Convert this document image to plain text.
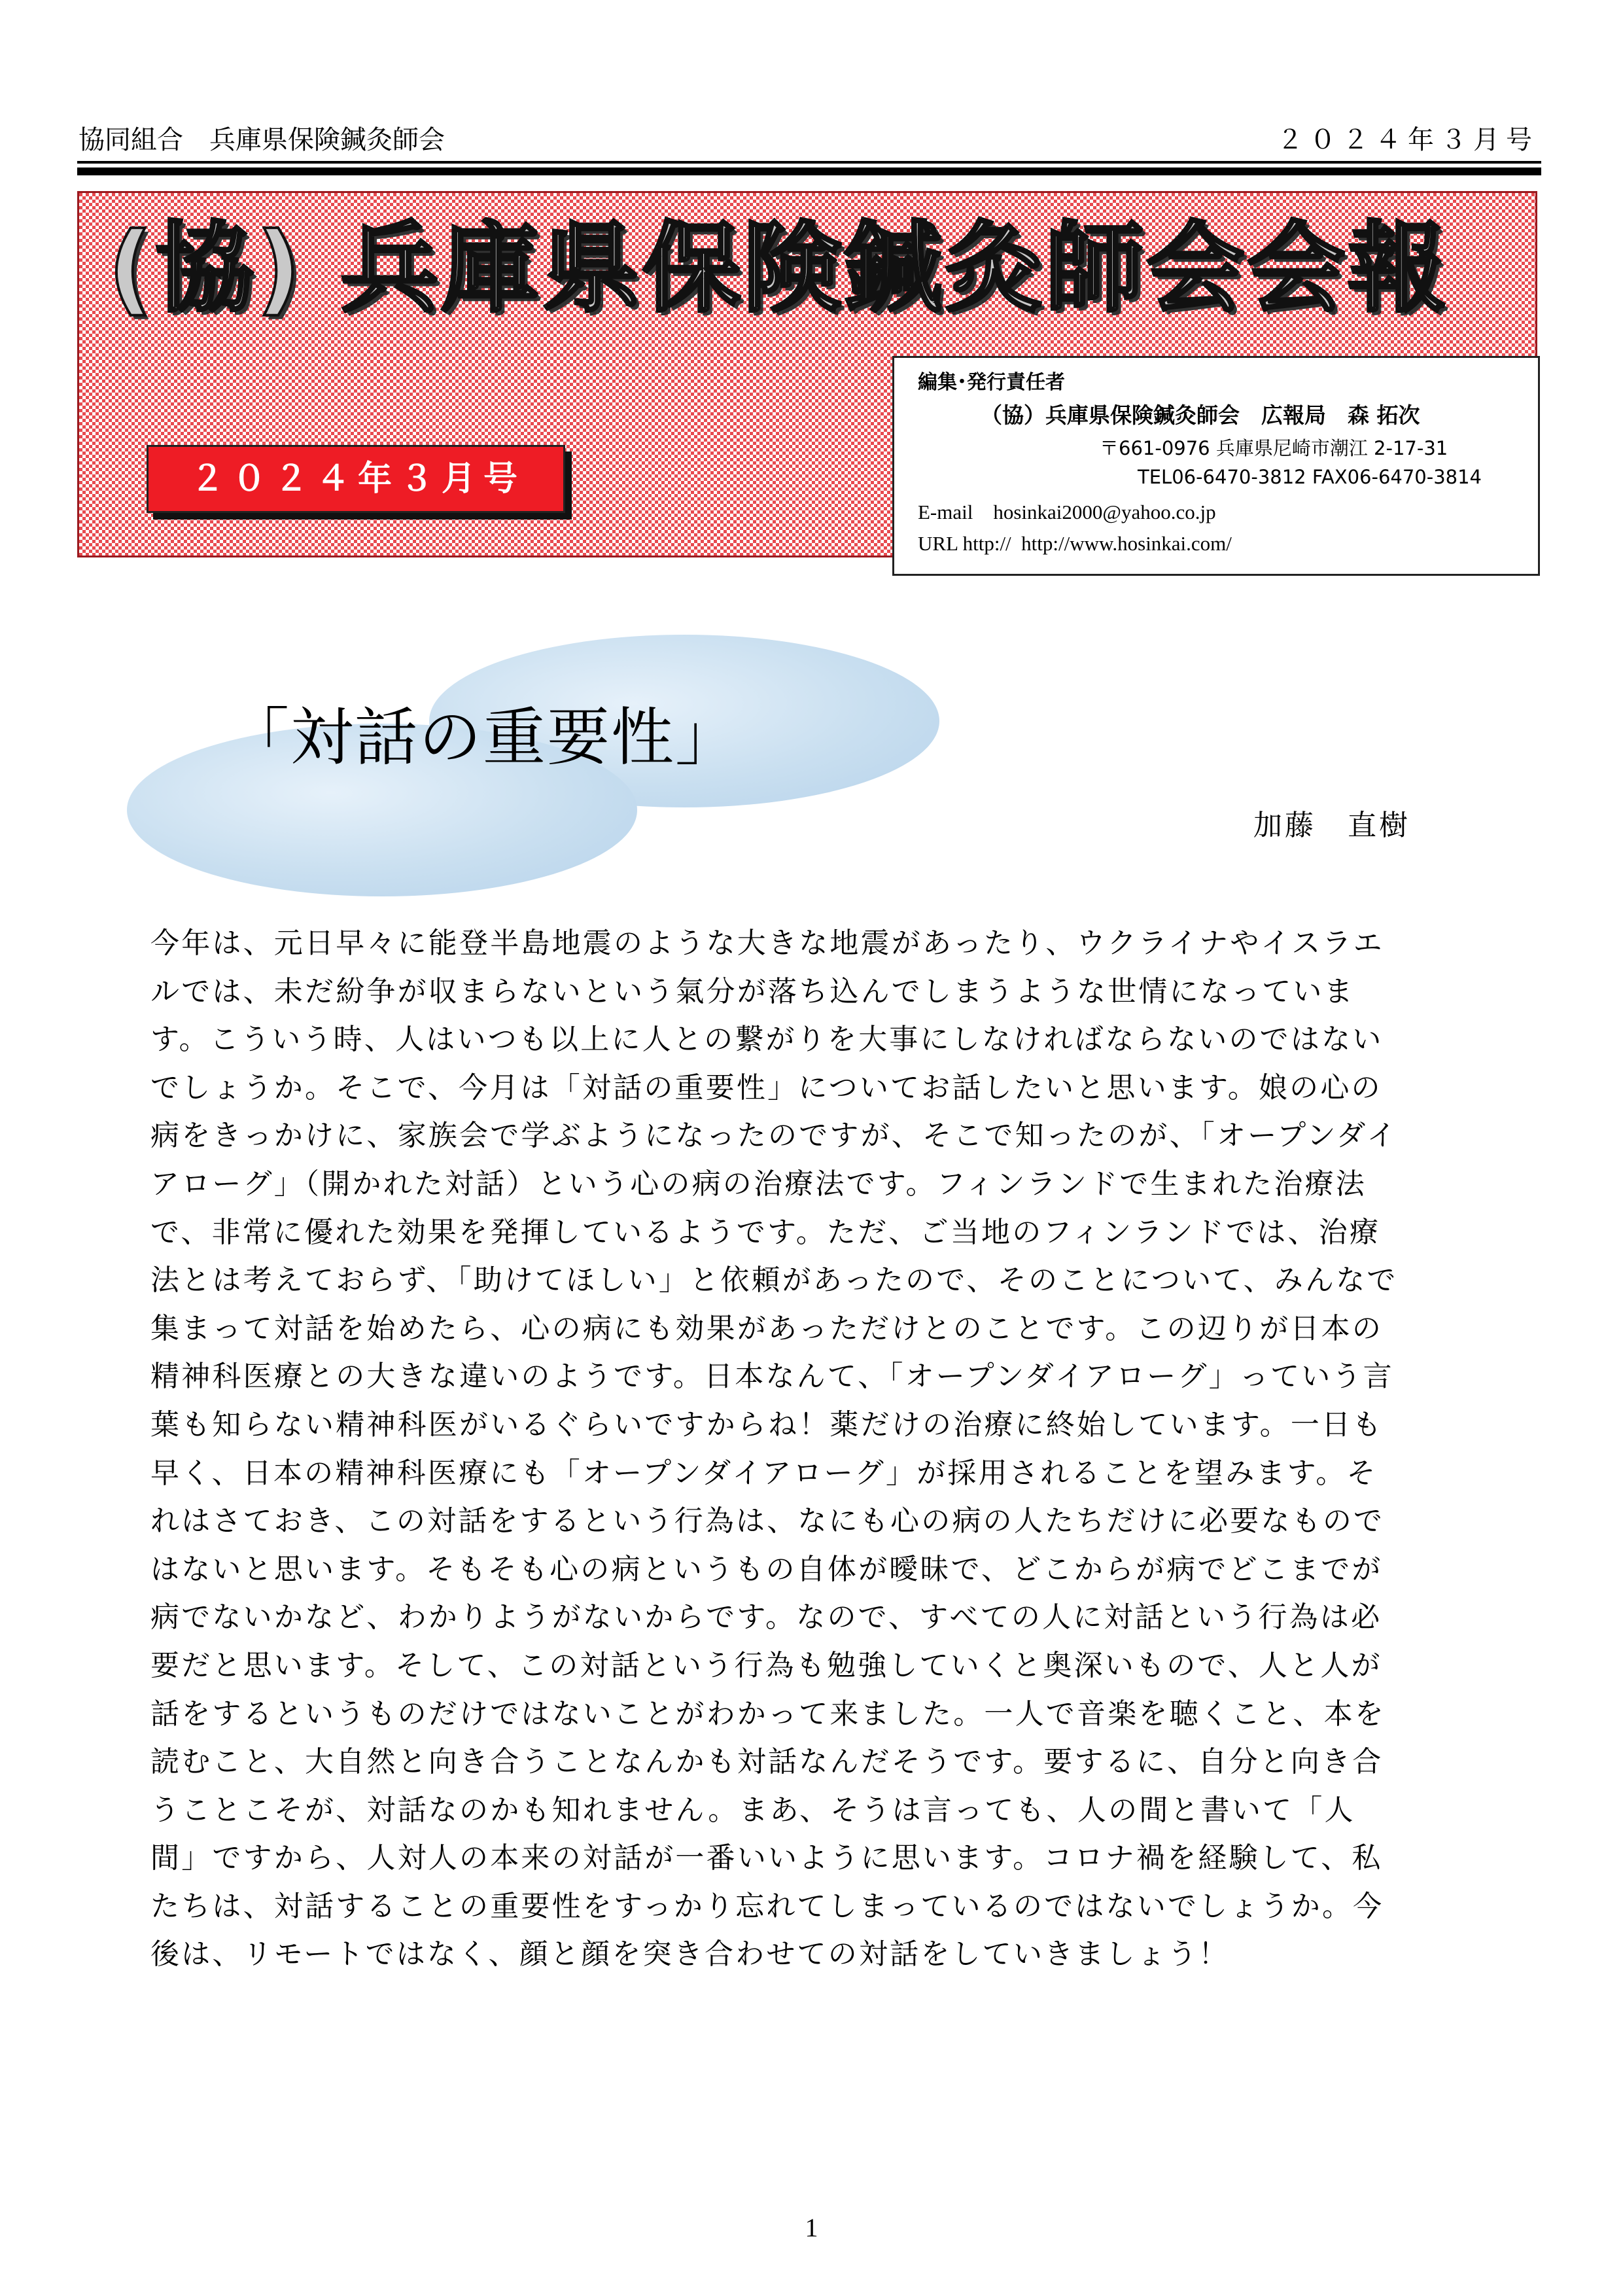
協同組合　兵庫県保険鍼灸師会	２０２４年３月号
(協) 兵庫県保険鍼灸師会会報
２０２４年３月号
編集･発行責任者
（協）兵庫県保険鍼灸師会　広報局　森 拓次
〒661-0976 兵庫県尼崎市潮江 2-17-31
TEL06-6470-3812 FAX06-6470-3814
E-mail　hosinkai2000@yahoo.co.jp
URL http://  http://www.hosinkai.com/
「対話の重要性」
加藤　直樹
今年は、元日早々に能登半島地震のような大きな地震があったり、ウクライナやイスラエ
ルでは、未だ紛争が収まらないという氣分が落ち込んでしまうような世情になっていま
す。こういう時、人はいつも以上に人との繋がりを大事にしなければならないのではない
でしょうか。そこで、今月は「対話の重要性」についてお話したいと思います。娘の心の
病をきっかけに、家族会で学ぶようになったのですが、そこで知ったのが、「オープンダイ
アローグ」（開かれた対話）という心の病の治療法です。フィンランドで生まれた治療法
で、非常に優れた効果を発揮しているようです。ただ、ご当地のフィンランドでは、治療
法とは考えておらず、「助けてほしい」と依頼があったので、そのことについて、みんなで
集まって対話を始めたら、心の病にも効果があっただけとのことです。この辺りが日本の
精神科医療との大きな違いのようです。日本なんて、「オープンダイアローグ」っていう言
葉も知らない精神科医がいるぐらいですからね！薬だけの治療に終始しています。一日も
早く、日本の精神科医療にも「オープンダイアローグ」が採用されることを望みます。そ
れはさておき、この対話をするという行為は、なにも心の病の人たちだけに必要なもので
はないと思います。そもそも心の病というもの自体が曖昧で、どこからが病でどこまでが
病でないかなど、わかりようがないからです。なので、すべての人に対話という行為は必
要だと思います。そして、この対話という行為も勉強していくと奥深いもので、人と人が
話をするというものだけではないことがわかって来ました。一人で音楽を聴くこと、本を
読むこと、大自然と向き合うことなんかも対話なんだそうです。要するに、自分と向き合
うことこそが、対話なのかも知れません。まあ、そうは言っても、人の間と書いて「人
間」ですから、人対人の本来の対話が一番いいように思います。コロナ禍を経験して、私
たちは、対話することの重要性をすっかり忘れてしまっているのではないでしょうか。今
後は、リモートではなく、顔と顔を突き合わせての対話をしていきましょう！
1
